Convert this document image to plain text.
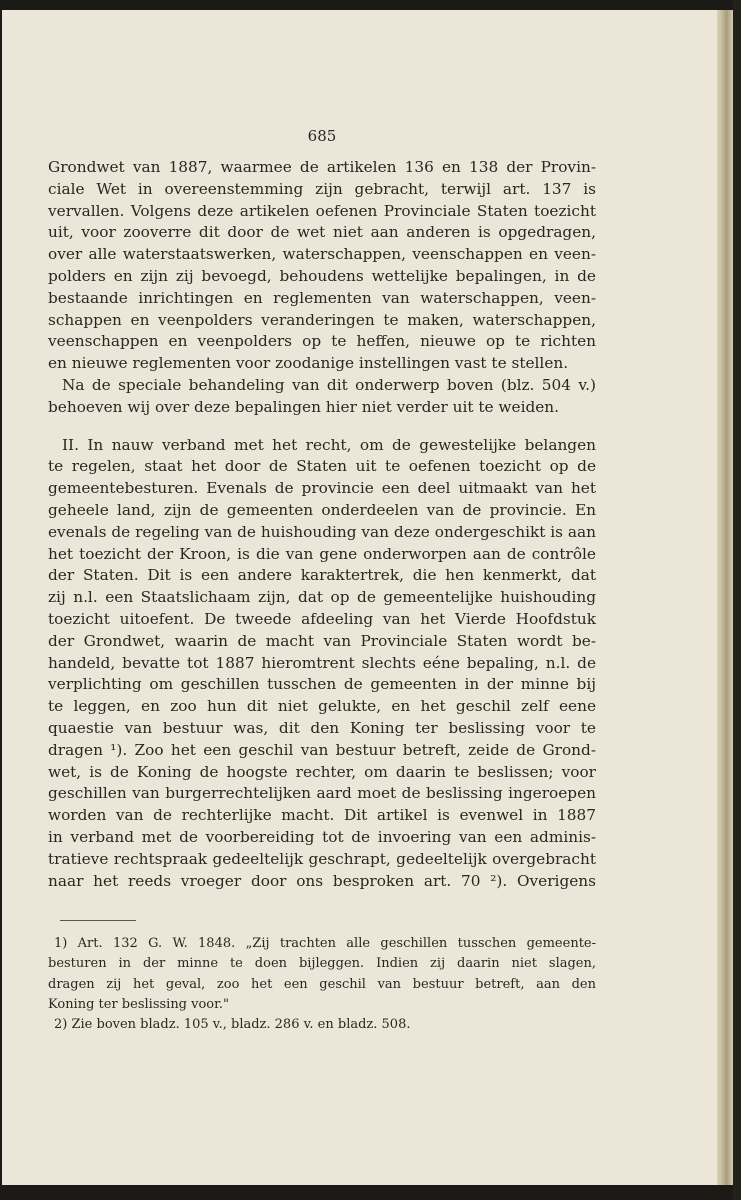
685
Grondwet van 1887, waarmee de artikelen 136 en 138 der Provin-
ciale Wet in overeenstemming zijn gebracht, terwijl art. 137 is
vervallen. Volgens deze artikelen oefenen Provinciale Staten toezicht
uit, voor zooverre dit door de wet niet aan anderen is opgedragen,
over alle waterstaatswerken, waterschappen, veenschappen en veen-
polders en zijn zij bevoegd, behoudens wettelijke bepalingen, in de
bestaande inrichtingen en reglementen van waterschappen, veen-
schappen en veenpolders veranderingen te maken, waterschappen,
veenschappen en veenpolders op te heffen, nieuwe op te richten
en nieuwe reglementen voor zoodanige instellingen vast te stellen.
Na de speciale behandeling van dit onderwerp boven (blz. 504 v.)
behoeven wij over deze bepalingen hier niet verder uit te weiden.
II. In nauw verband met het recht, om de gewestelijke belangen
te regelen, staat het door de Staten uit te oefenen toezicht op de
gemeentebesturen. Evenals de provincie een deel uitmaakt van het
geheele land, zijn de gemeenten onderdeelen van de provincie. En
evenals de regeling van de huishouding van deze ondergeschikt is aan
het toezicht der Kroon, is die van gene onderworpen aan de contrôle
der Staten. Dit is een andere karaktertrek, die hen kenmerkt, dat
zij n.l. een Staatslichaam zijn, dat op de gemeentelijke huishouding
toezicht uitoefent. De tweede afdeeling van het Vierde Hoofdstuk
der Grondwet, waarin de macht van Provinciale Staten wordt be-
handeld, bevatte tot 1887 hieromtrent slechts eéne bepaling, n.l. de
verplichting om geschillen tusschen de gemeenten in der minne bij
te leggen, en zoo hun dit niet gelukte, en het geschil zelf eene
quaestie van bestuur was, dit den Koning ter beslissing voor te
dragen ¹). Zoo het een geschil van bestuur betreft, zeide de Grond-
wet, is de Koning de hoogste rechter, om daarin te beslissen; voor
geschillen van burgerrechtelijken aard moet de beslissing ingeroepen
worden van de rechterlijke macht. Dit artikel is evenwel in 1887
in verband met de voorbereiding tot de invoering van een adminis-
tratieve rechtspraak gedeeltelijk geschrapt, gedeeltelijk overgebracht
naar het reeds vroeger door ons besproken art. 70 ²). Overigens
1) Art. 132 G. W. 1848. „Zij trachten alle geschillen tusschen gemeente-
besturen in der minne te doen bijleggen. Indien zij daarin niet slagen,
dragen zij het geval, zoo het een geschil van bestuur betreft, aan den
Koning ter beslissing voor."
2) Zie boven bladz. 105 v., bladz. 286 v. en bladz. 508.
